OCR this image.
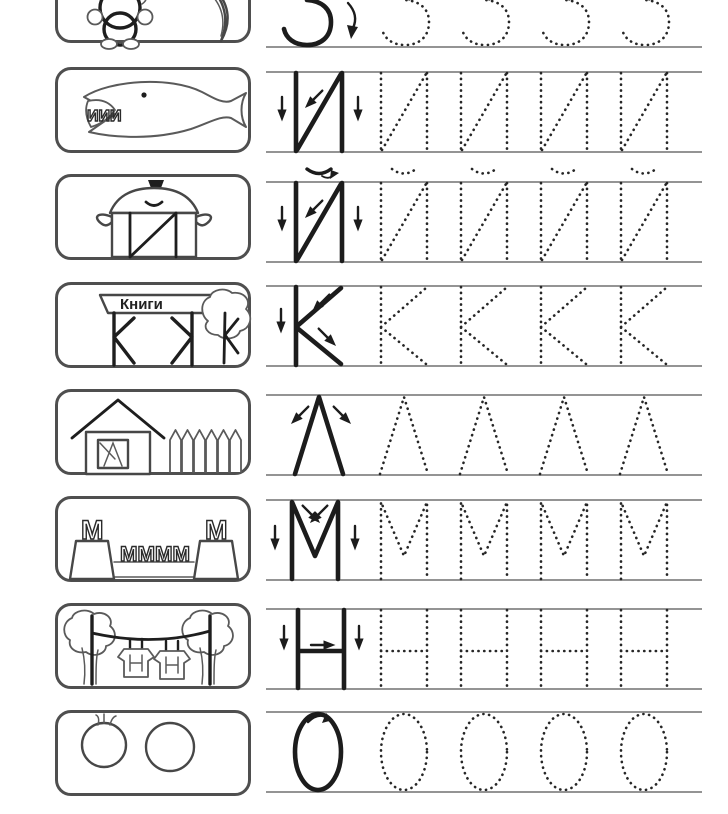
ИИИ
Книги
ММММ
М	М
